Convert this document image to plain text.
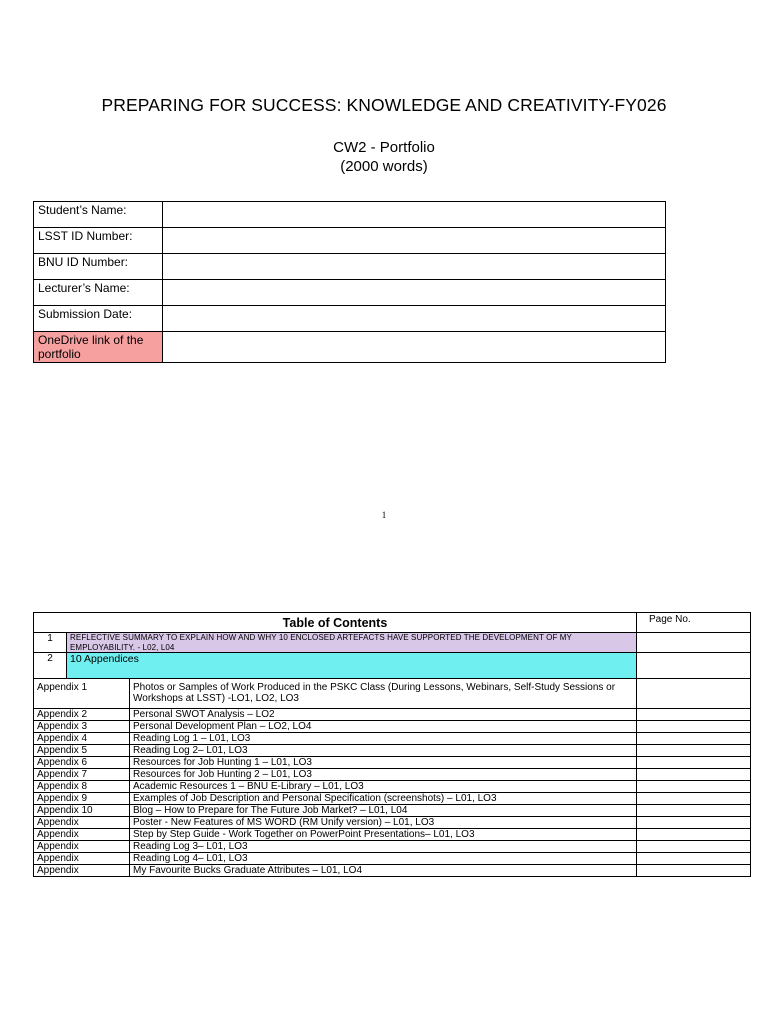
PREPARING FOR SUCCESS: KNOWLEDGE AND CREATIVITY-FY026
CW2 - Portfolio
(2000 words)
Student’s Name:	
LSST ID Number:	
BNU ID Number:	
Lecturer’s Name:	
Submission Date:	
OneDrive link of the portfolio	
1
Table of Contents	Page No.

1	REFLECTIVE SUMMARY TO EXPLAIN HOW AND WHY 10 ENCLOSED ARTEFACTS HAVE SUPPORTED THE DEVELOPMENT OF MY EMPLOYABILITY. - L02, L04

2	10 Appendices

Appendix 1	Photos or Samples of Work Produced in the PSKC Class (During Lessons, Webinars, Self-Study Sessions or Workshops at LSST) -LO1, LO2, LO3	
Appendix 2	Personal SWOT Analysis – LO2	
Appendix 3	Personal Development Plan – LO2, LO4	
Appendix 4	Reading Log 1 – L01, LO3	
Appendix 5	Reading Log 2– L01, LO3	
Appendix 6	Resources for Job Hunting 1 – L01, LO3	
Appendix 7	Resources for Job Hunting 2 – L01, LO3	
Appendix 8	Academic Resources 1 – BNU E-Library – L01, LO3	
Appendix 9	Examples of Job Description and Personal Specification (screenshots) – L01, LO3	
Appendix 10	Blog – How to Prepare for The Future Job Market? – L01, L04	
Appendix	Poster - New Features of MS WORD (RM Unify version) – L01, LO3	
Appendix	Step by Step Guide - Work Together on PowerPoint Presentations– L01, LO3	
Appendix	Reading Log 3– L01, LO3	
Appendix	Reading Log 4– L01, LO3	
Appendix	My Favourite Bucks Graduate Attributes – L01, LO4	
